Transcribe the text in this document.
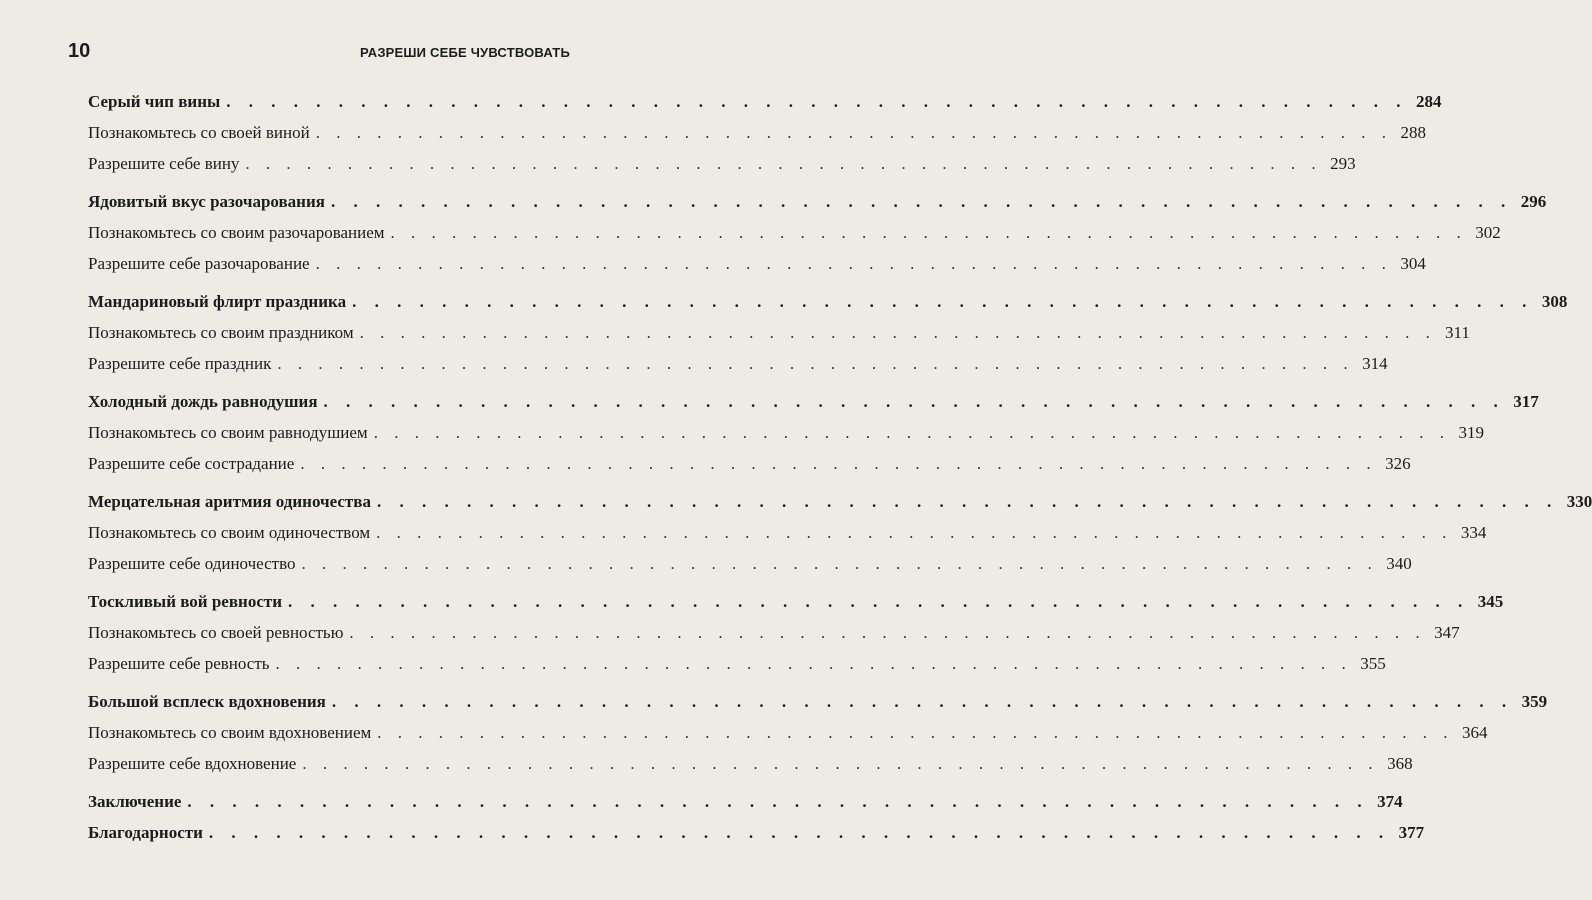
10	РАЗРЕШИ СЕБЕ ЧУВСТВОВАТЬ
Серый чип вины . . . . . . . . . . . . . . . . . . . . . . . . . . . . . . . . . . . . . . . . . . . . . . . . . . . . . 284
Познакомьтесь со своей виной . . . . . . . . . . . . . . . . . . . . . . . . . . . . . . . . . . . . . . . . . . . . . . . . . . . . . 288
Разрешите себе вину . . . . . . . . . . . . . . . . . . . . . . . . . . . . . . . . . . . . . . . . . . . . . . . . . . . . . 293
Ядовитый вкус разочарования . . . . . . . . . . . . . . . . . . . . . . . . . . . . . . . . . . . . . . . . . . . . . . . . . . . . . 296
Познакомьтесь со своим разочарованием . . . . . . . . . . . . . . . . . . . . . . . . . . . . . . . . . . . . . . . . . . . . . . . . . . . . . 302
Разрешите себе разочарование . . . . . . . . . . . . . . . . . . . . . . . . . . . . . . . . . . . . . . . . . . . . . . . . . . . . . 304
Мандариновый флирт праздника . . . . . . . . . . . . . . . . . . . . . . . . . . . . . . . . . . . . . . . . . . . . . . . . . . . . . 308
Познакомьтесь со своим праздником . . . . . . . . . . . . . . . . . . . . . . . . . . . . . . . . . . . . . . . . . . . . . . . . . . . . . 311
Разрешите себе праздник . . . . . . . . . . . . . . . . . . . . . . . . . . . . . . . . . . . . . . . . . . . . . . . . . . . . . 314
Холодный дождь равнодушия . . . . . . . . . . . . . . . . . . . . . . . . . . . . . . . . . . . . . . . . . . . . . . . . . . . . . 317
Познакомьтесь со своим равнодушием . . . . . . . . . . . . . . . . . . . . . . . . . . . . . . . . . . . . . . . . . . . . . . . . . . . . . 319
Разрешите себе сострадание . . . . . . . . . . . . . . . . . . . . . . . . . . . . . . . . . . . . . . . . . . . . . . . . . . . . . 326
Мерцательная аритмия одиночества . . . . . . . . . . . . . . . . . . . . . . . . . . . . . . . . . . . . . . . . . . . . . . . . . . . . . 330
Познакомьтесь со своим одиночеством . . . . . . . . . . . . . . . . . . . . . . . . . . . . . . . . . . . . . . . . . . . . . . . . . . . . . 334
Разрешите себе одиночество . . . . . . . . . . . . . . . . . . . . . . . . . . . . . . . . . . . . . . . . . . . . . . . . . . . . . 340
Тоскливый вой ревности . . . . . . . . . . . . . . . . . . . . . . . . . . . . . . . . . . . . . . . . . . . . . . . . . . . . . 345
Познакомьтесь со своей ревностью . . . . . . . . . . . . . . . . . . . . . . . . . . . . . . . . . . . . . . . . . . . . . . . . . . . . . 347
Разрешите себе ревность . . . . . . . . . . . . . . . . . . . . . . . . . . . . . . . . . . . . . . . . . . . . . . . . . . . . . 355
Большой всплеск вдохновения . . . . . . . . . . . . . . . . . . . . . . . . . . . . . . . . . . . . . . . . . . . . . . . . . . . . . 359
Познакомьтесь со своим вдохновением . . . . . . . . . . . . . . . . . . . . . . . . . . . . . . . . . . . . . . . . . . . . . . . . . . . . . 364
Разрешите себе вдохновение . . . . . . . . . . . . . . . . . . . . . . . . . . . . . . . . . . . . . . . . . . . . . . . . . . . . . 368
Заключение . . . . . . . . . . . . . . . . . . . . . . . . . . . . . . . . . . . . . . . . . . . . . . . . . . . . . 374
Благодарности . . . . . . . . . . . . . . . . . . . . . . . . . . . . . . . . . . . . . . . . . . . . . . . . . . . . . 377
